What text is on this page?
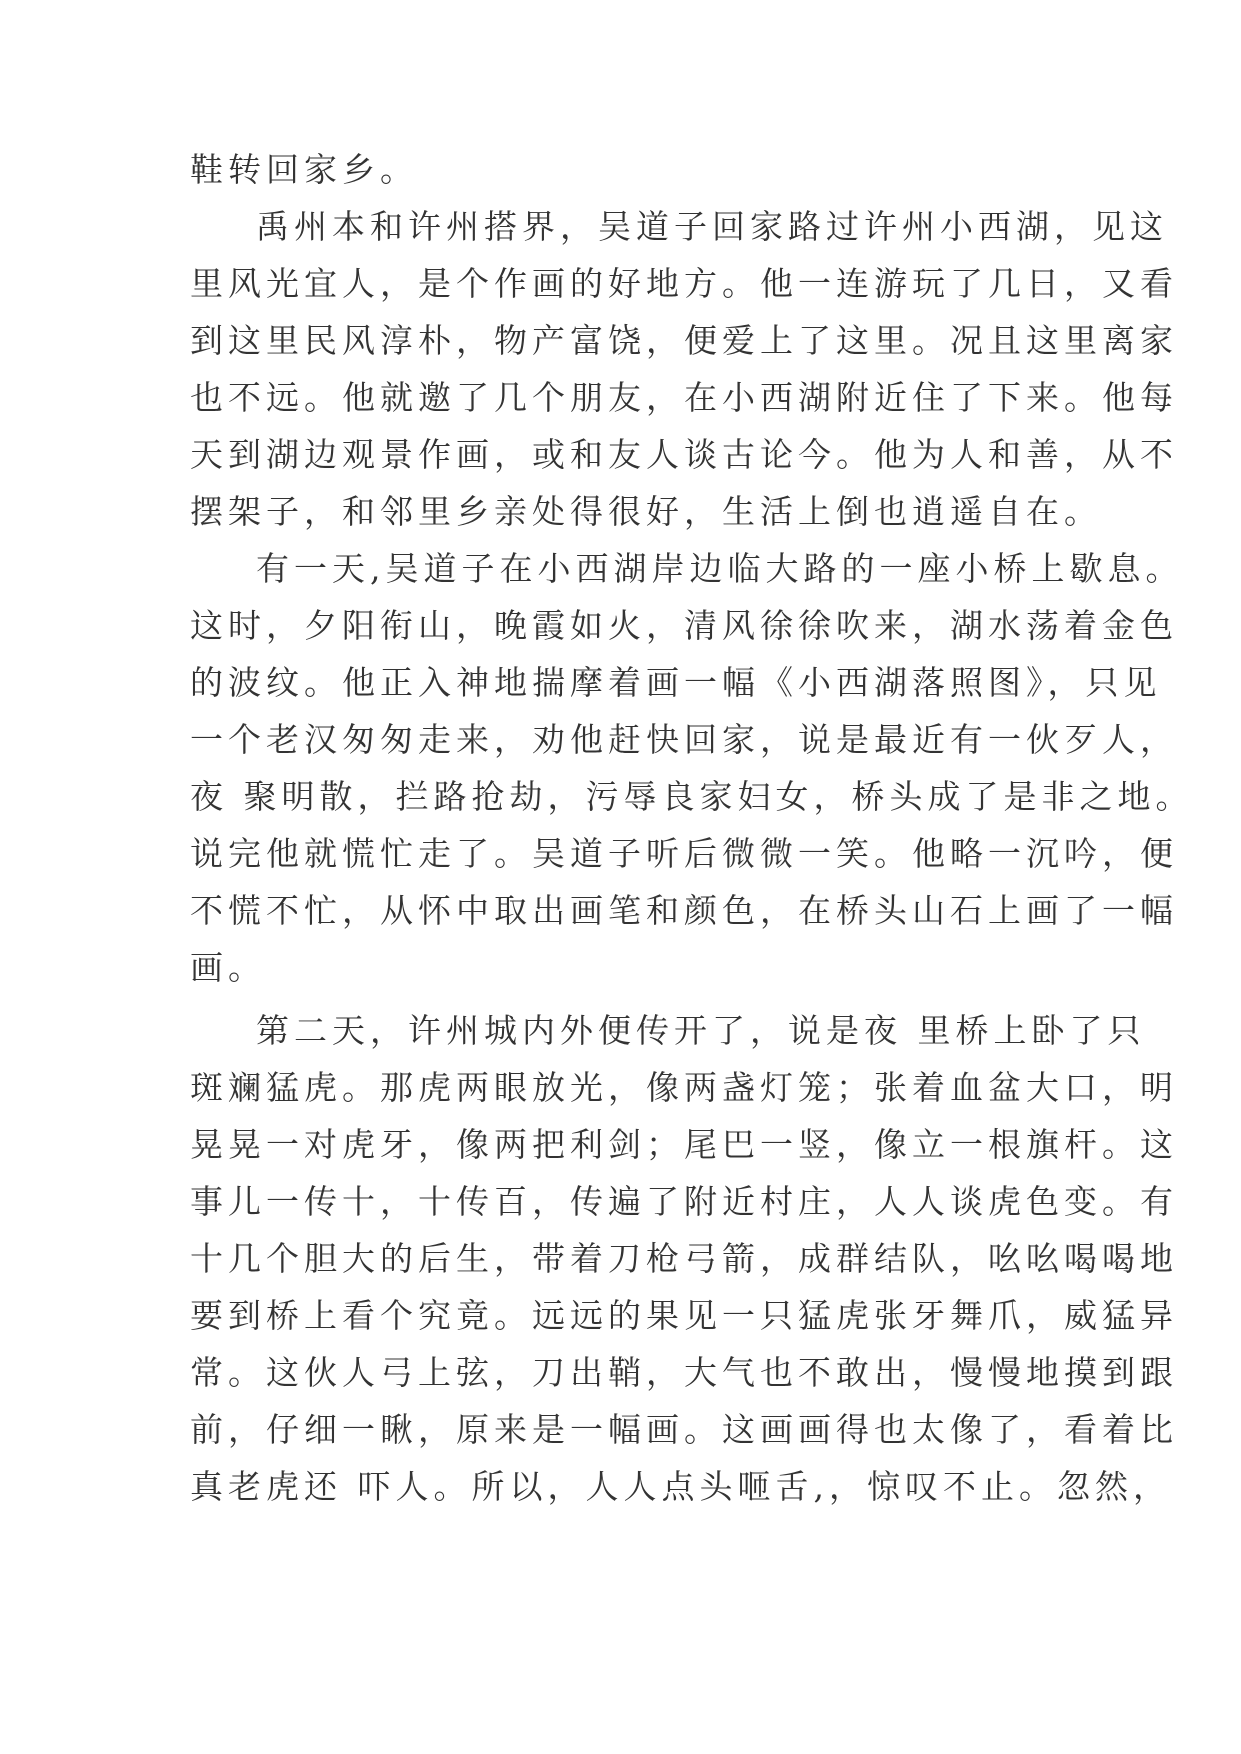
鞋转回家乡。
禹州本和许州搭界，吴道子回家路过许州小西湖，见这
里风光宜人，是个作画的好地方。他一连游玩了几日，又看
到这里民风淳朴，物产富饶，便爱上了这里。况且这里离家
也不远。他就邀了几个朋友，在小西湖附近住了下来。他每
天到湖边观景作画，或和友人谈古论今。他为人和善，从不
摆架子，和邻里乡亲处得很好，生活上倒也逍遥自在。
有一天,吴道子在小西湖岸边临大路的一座小桥上歇息。
这时，夕阳衔山，晚霞如火，清风徐徐吹来，湖水荡着金色
的波纹。他正入神地揣摩着画一幅《小西湖落照图》，只见
一个老汉匆匆走来，劝他赶快回家，说是最近有一伙歹人，
夜 聚明散，拦路抢劫，污辱良家妇女，桥头成了是非之地。
说完他就慌忙走了。吴道子听后微微一笑。他略一沉吟，便
不慌不忙，从怀中取出画笔和颜色，在桥头山石上画了一幅
画。
第二天，许州城内外便传开了，说是夜 里桥上卧了只
斑斓猛虎。那虎两眼放光，像两盏灯笼；张着血盆大口，明
晃晃一对虎牙，像两把利剑；尾巴一竖，像立一根旗杆。这
事儿一传十，十传百，传遍了附近村庄，人人谈虎色变。有
十几个胆大的后生，带着刀枪弓箭，成群结队，吆吆喝喝地
要到桥上看个究竟。远远的果见一只猛虎张牙舞爪，威猛异
常。这伙人弓上弦，刀出鞘，大气也不敢出，慢慢地摸到跟
前，仔细一瞅，原来是一幅画。这画画得也太像了，看着比
真老虎还 吓人。所以，人人点头咂舌,，惊叹不止。忽然，
